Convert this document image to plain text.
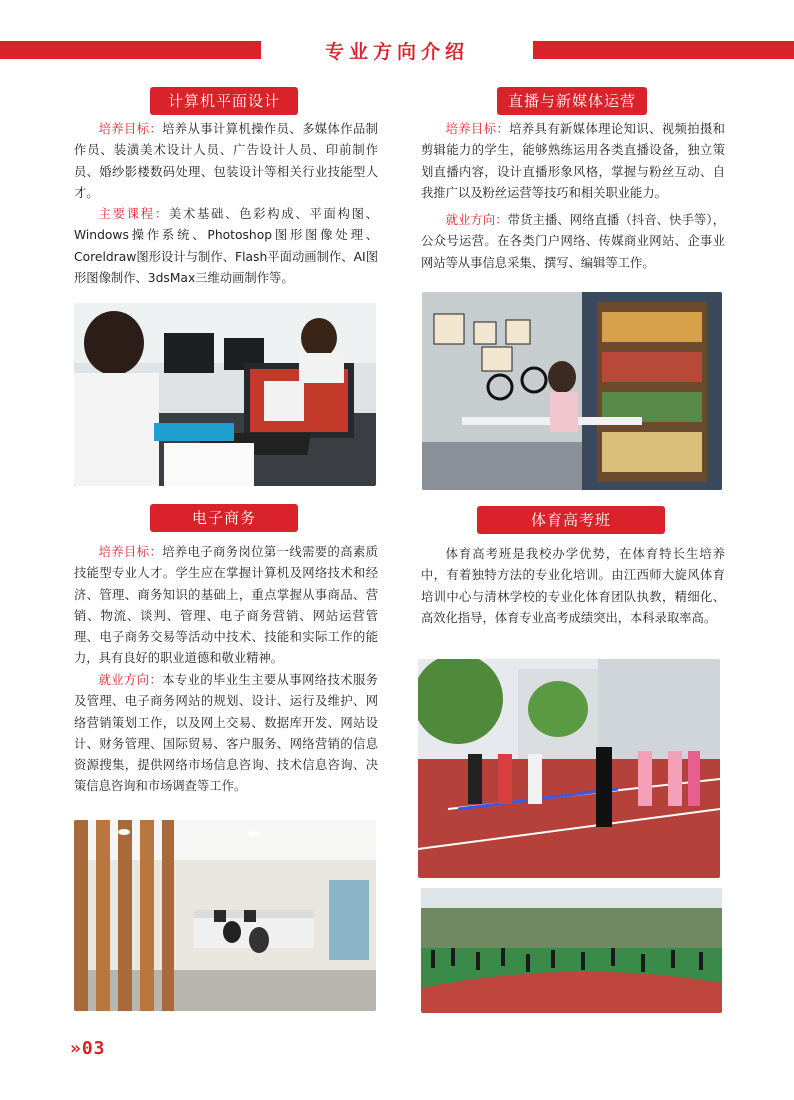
专业方向介绍
计算机平面设计

培养目标：培养从事计算机操作员、多媒体作品制作员、装潢美术设计人员、广告设计人员、印前制作员、婚纱影楼数码处理、包装设计等相关行业技能型人才。

主要课程：美术基础、色彩构成、平面构图、Windows操作系统、Photoshop图形图像处理、Coreldraw图形设计与制作、Flash平面动画制作、AI图形图像制作、3dsMax三维动画制作等。

直播与新媒体运营

培养目标：培养具有新媒体理论知识、视频拍摄和剪辑能力的学生，能够熟练运用各类直播设备，独立策划直播内容，设计直播形象风格，掌握与粉丝互动、自我推广以及粉丝运营等技巧和相关职业能力。

就业方向：带货主播、网络直播（抖音、快手等），公众号运营。在各类门户网络、传媒商业网站、企事业网站等从事信息采集、撰写、编辑等工作。

电子商务

培养目标：培养电子商务岗位第一线需要的高素质技能型专业人才。学生应在掌握计算机及网络技术和经济、管理、商务知识的基础上，重点掌握从事商品、营销、物流、谈判、管理、电子商务营销、网站运营管理、电子商务交易等活动中技术、技能和实际工作的能力，具有良好的职业道德和敬业精神。

就业方向：本专业的毕业生主要从事网络技术服务及管理、电子商务网站的规划、设计、运行及维护、网络营销策划工作，以及网上交易、数据库开发、网站设计、财务管理、国际贸易、客户服务、网络营销的信息资源搜集，提供网络市场信息咨询、技术信息咨询、决策信息咨询和市场调查等工作。

体育高考班

体育高考班是我校办学优势，在体育特长生培养中，有着独特方法的专业化培训。由江西师大旋风体育培训中心与清林学校的专业化体育团队执教，精细化、高效化指导，体育专业高考成绩突出，本科录取率高。

»03
